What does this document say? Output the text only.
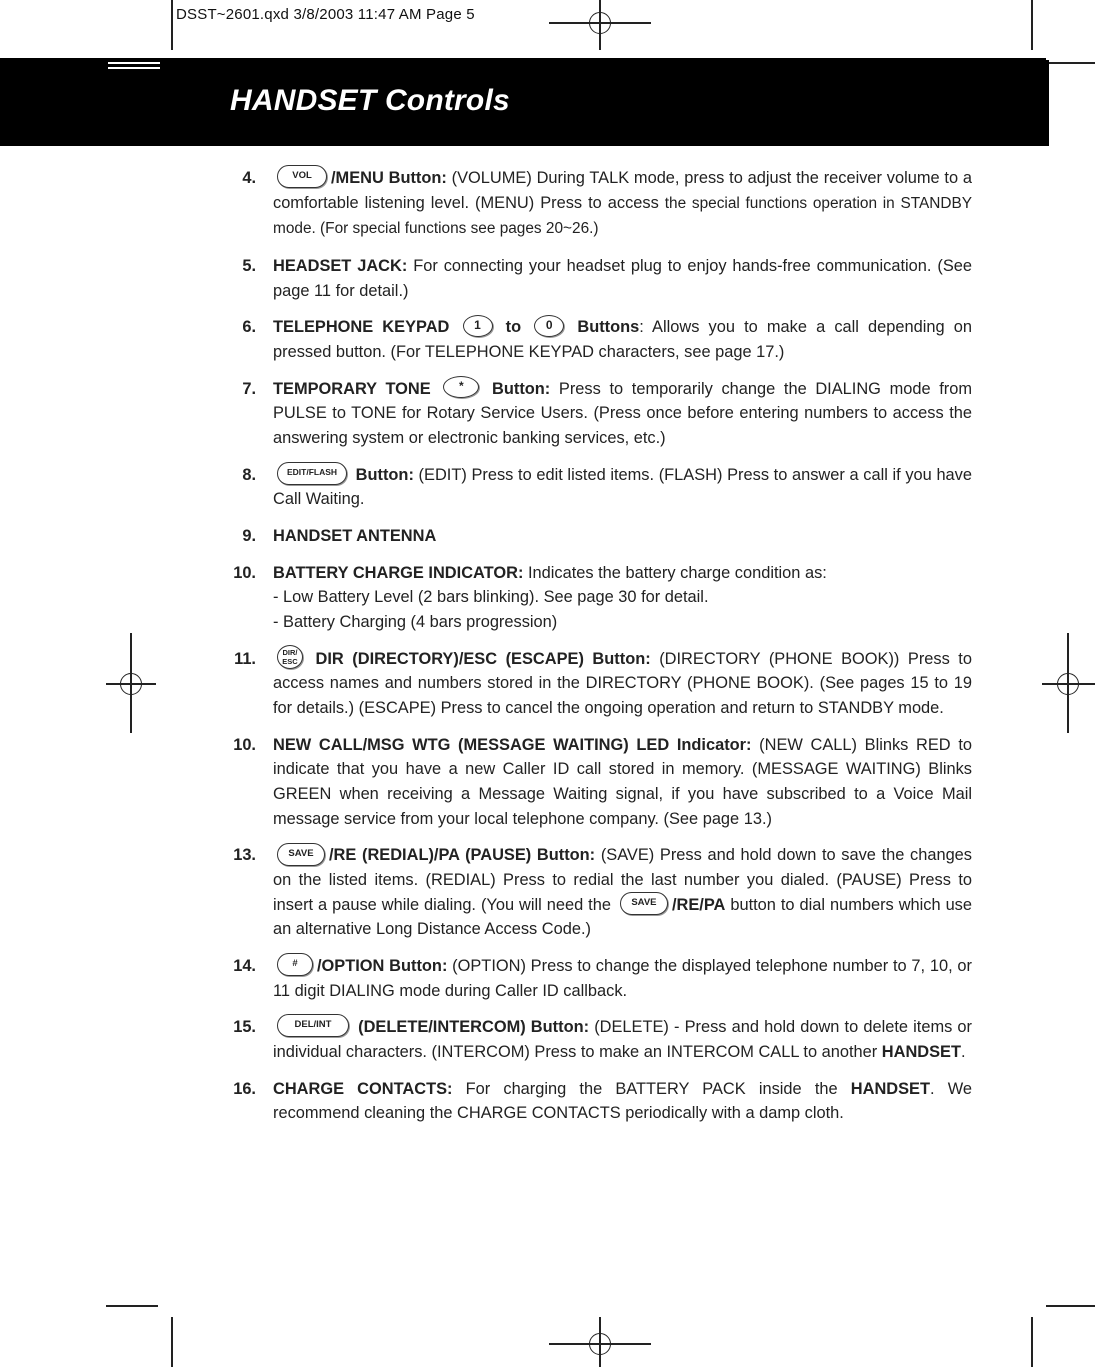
DSST~2601.qxd 3/8/2003 11:47 AM Page 5
HANDSET Controls
4.	VOL /MENU Button: (VOLUME) During TALK mode, press to adjust the receiver volume to a comfortable listening level. (MENU) Press to access the special functions operation in STANDBY mode. (For special functions see pages 20~26.)
5. HEADSET JACK: For connecting your headset plug to enjoy hands-free communication. (See page 11 for detail.)
6. TELEPHONE KEYPAD 1 to 0 Buttons: Allows you to make a call depending on pressed button. (For TELEPHONE KEYPAD characters, see page 17.)
7. TEMPORARY TONE * Button: Press to temporarily change the DIALING mode from PULSE to TONE for Rotary Service Users. (Press once before entering numbers to access the answering system or electronic banking services, etc.)
8.	EDIT/FLASH Button: (EDIT) Press to edit listed items. (FLASH) Press to answer a call if you have Call Waiting.
9. HANDSET ANTENNA
10. BATTERY CHARGE INDICATOR: Indicates the battery charge condition as:
- Low Battery Level (2 bars blinking). See page 30 for detail.
- Battery Charging (4 bars progression)
11.	DIR/
ESC DIR (DIRECTORY)/ESC (ESCAPE) Button: (DIRECTORY (PHONE BOOK)) Press to access names and numbers stored in the DIRECTORY (PHONE BOOK). (See pages 15 to 19 for details.) (ESCAPE) Press to cancel the ongoing operation and return to STANDBY mode.
10. NEW CALL/MSG WTG (MESSAGE WAITING) LED Indicator: (NEW CALL) Blinks RED to indicate that you have a new Caller ID call stored in memory. (MESSAGE WAITING) Blinks GREEN when receiving a Message Waiting signal, if you have subscribed to a Voice Mail message service from your local telephone company. (See page 13.)
13.	SAVE /RE (REDIAL)/PA (PAUSE) Button: (SAVE) Press and hold down to save the changes on the listed items. (REDIAL) Press to redial the last number you dialed. (PAUSE) Press to insert a pause while dialing. (You will need the SAVE /RE/PA button to dial numbers which use an alternative Long Distance Access Code.)
14.	# /OPTION Button: (OPTION) Press to change the displayed telephone number to 7, 10, or 11 digit DIALING mode during Caller ID callback.
15.	DEL/INT (DELETE/INTERCOM) Button: (DELETE) - Press and hold down to delete items or individual characters. (INTERCOM) Press to make an INTERCOM CALL to another HANDSET.
16. CHARGE CONTACTS: For charging the BATTERY PACK inside the HANDSET. We recommend cleaning the CHARGE CONTACTS periodically with a damp cloth.
